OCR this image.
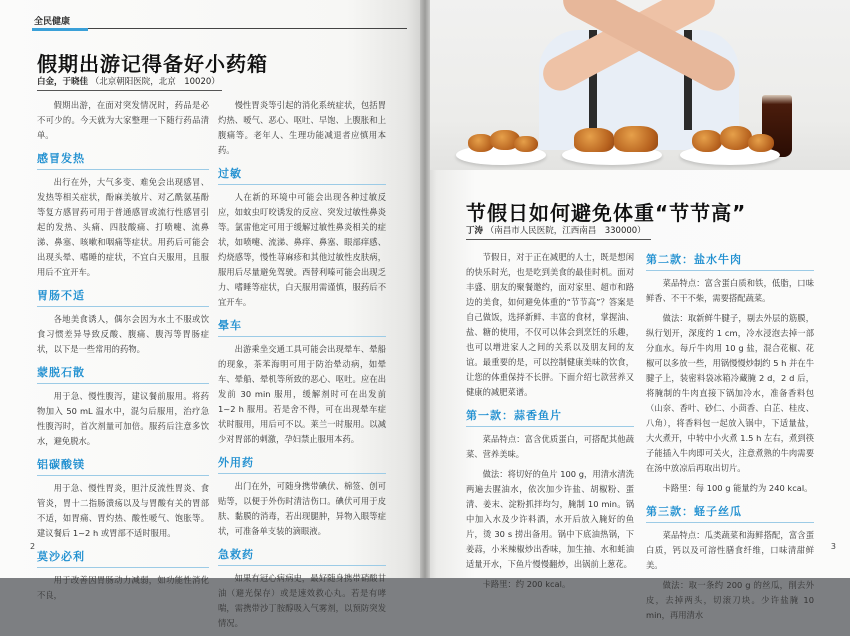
全民健康
假期出游记得备好小药箱
白金，于晓佳 （北京朝阳医院，北京　10020）

假期出游，在面对突发情况时，药品是必不可少的。今天就为大家整理一下随行药品清单。

感冒发热

出行在外，大气多变、难免会出现感冒、发热等相关症状，酚麻美敏片、对乙酰氨基酚等复方感冒药可用于普通感冒或流行性感冒引起的发热、头痛、四肢酸痛、打喷嚏、流鼻涕、鼻塞、咳嗽和咽痛等症状。用药后可能会出现头晕、嗜睡的症状，不宜白天服用，且服用后不宜开车。

胃肠不适

各地美食诱人，偶尔会因为水土不服或饮食习惯差异导致反酸、腹痛、腹泻等胃肠症状，以下是一些常用的药物。

蒙脱石散

用于急、慢性腹泻，建议餐前服用。将药物加入 50 mL 温水中，混匀后服用，治疗急性腹泻时，首次剂量可加倍。服药后注意多饮水，避免脱水。

铝碳酸镁

用于急、慢性胃炎，胆汁反流性胃炎、食管炎，胃十二指肠溃疡以及与胃酸有关的胃部不适，如胃痛、胃灼热、酸性嗳气、饱胀等。建议餐后 1~2 h 或胃部不适时服用。

莫沙必利

用于改善因胃肠动力减弱，如功能性消化不良，

慢性胃炎等引起的消化系统症状，包括胃灼热、嗳气、恶心、呕吐、早饱、上腹胀和上腹痛等。老年人、生理功能减退者应慎用本药。

过敏

人在新的环境中可能会出现各种过敏反应，如蚊虫叮咬诱发的反应、突发过敏性鼻炎等。氯雷他定可用于缓解过敏性鼻炎相关的症状，如喷嚏、流涕、鼻痒、鼻塞、眼部痒感、灼烧感等，慢性荨麻疹和其他过敏性皮肤病，服用后尽量避免驾驶。西替利嗪可能会出现乏力、嗜睡等症状，白天服用需谨慎，服药后不宜开车。

晕车

出游乘坐交通工具可能会出现晕车、晕船的现象，茶苯海明可用于防治晕动病，如晕车、晕船、晕机等所致的恶心、呕吐。应在出发前 30 min 服用，缓解剂时可在出发前 1~2 h 服用。若是舍不得，可在出现晕车症状时服用，用后可不以。莱兰一时服用。以减少对胃部的刺激，孕妇禁止服用本药。

外用药

出门在外，可随身携带碘伏、棉签、创可贴等，以便于外伤时清洁伤口。碘伏可用于皮肤、黏膜的消毒，若出现腿肿，异物入眼等症状，可准备单支装的滴眼液。

急救药

如果有冠心病病史，最好随身携带硝酸甘油（避光保存）或是速效救心丸。若是有哮喘，需携带沙丁胺醇吸入气雾剂，以预防突发情况。

2
节假日如何避免体重“节节高”
丁涛 （南昌市人民医院，江西南昌　330000）

节假日，对于正在减肥的人士，既是想闲的快乐时光，也是吃到美食的最佳时机。面对丰盛、朋友的聚餐邀约，面对家里、超市和路边的美食，如何避免体重的“节节高”？答案是自己做饭，选择新鲜、丰富的食材，掌握油、盐、糖的使用，不仅可以体会到烹饪的乐趣，也可以增进家人之间的关系以及朋友间的友谊。最重要的是，可以控制健康美味的饮食，让您的体重保持不长胖。下面介绍七款营养又健康的减肥菜谱。

第一款：蒜香鱼片

菜品特点：富含优质蛋白，可搭配其他蔬菜、营养美味。

做法：将切好的鱼片 100 g，用清水清洗两遍去腥油水，依次加少许盐、胡椒粉、蛋清、姜末、淀粉抓拌均匀，腌制 10 min。锅中加入水及少许料酒，水开后放入腌好的鱼片，烫 30 s 捞出备用。锅中下底油热锅，下姜蒜，小米辣椒炒出香味，加生抽、水和蚝油适量开水，下鱼片慢慢翻炒，出锅前上葱花。

卡路里：约 200 kcal。

第二款：盐水牛肉

菜品特点：富含蛋白质和铁，低脂，口味鲜香、不干不柴，需要搭配蔬菜。

做法：取新鲜牛腱子，剔去外层的筋膜，纵行划开，深度约 1 cm，冷水浸泡去掉一部分血水。每斤牛肉用 10 g 盐，混合花椒、花椒可以多放一些，用锅慢慢炒制约 5 h 并在牛腱子上，装密料袋冰箱冷藏腌 2 d，2 d 后，将腌制的牛肉直接下锅加冷水，准备香料包（山奈、香叶、砂仁、小茴香、白芷、桂皮、八角），将香料包一起放入锅中，下适量盐，大火煮开，中转中小火煮 1.5 h 左右，煮到筷子能插入牛肉即可关火，注意煮熟的牛肉需要在汤中放凉后再取出切片。

卡路里：每 100 g 能量约为 240 kcal。

第三款：蛏子丝瓜

菜品特点：瓜类蔬菜和海鲜搭配，富含蛋白质，钙以及可溶性膳食纤维，口味清甜鲜美。

做法：取一条约 200 g 的丝瓜，削去外皮，去掉两头，切滚刀块。少许盐腌 10 min，再用清水

3
